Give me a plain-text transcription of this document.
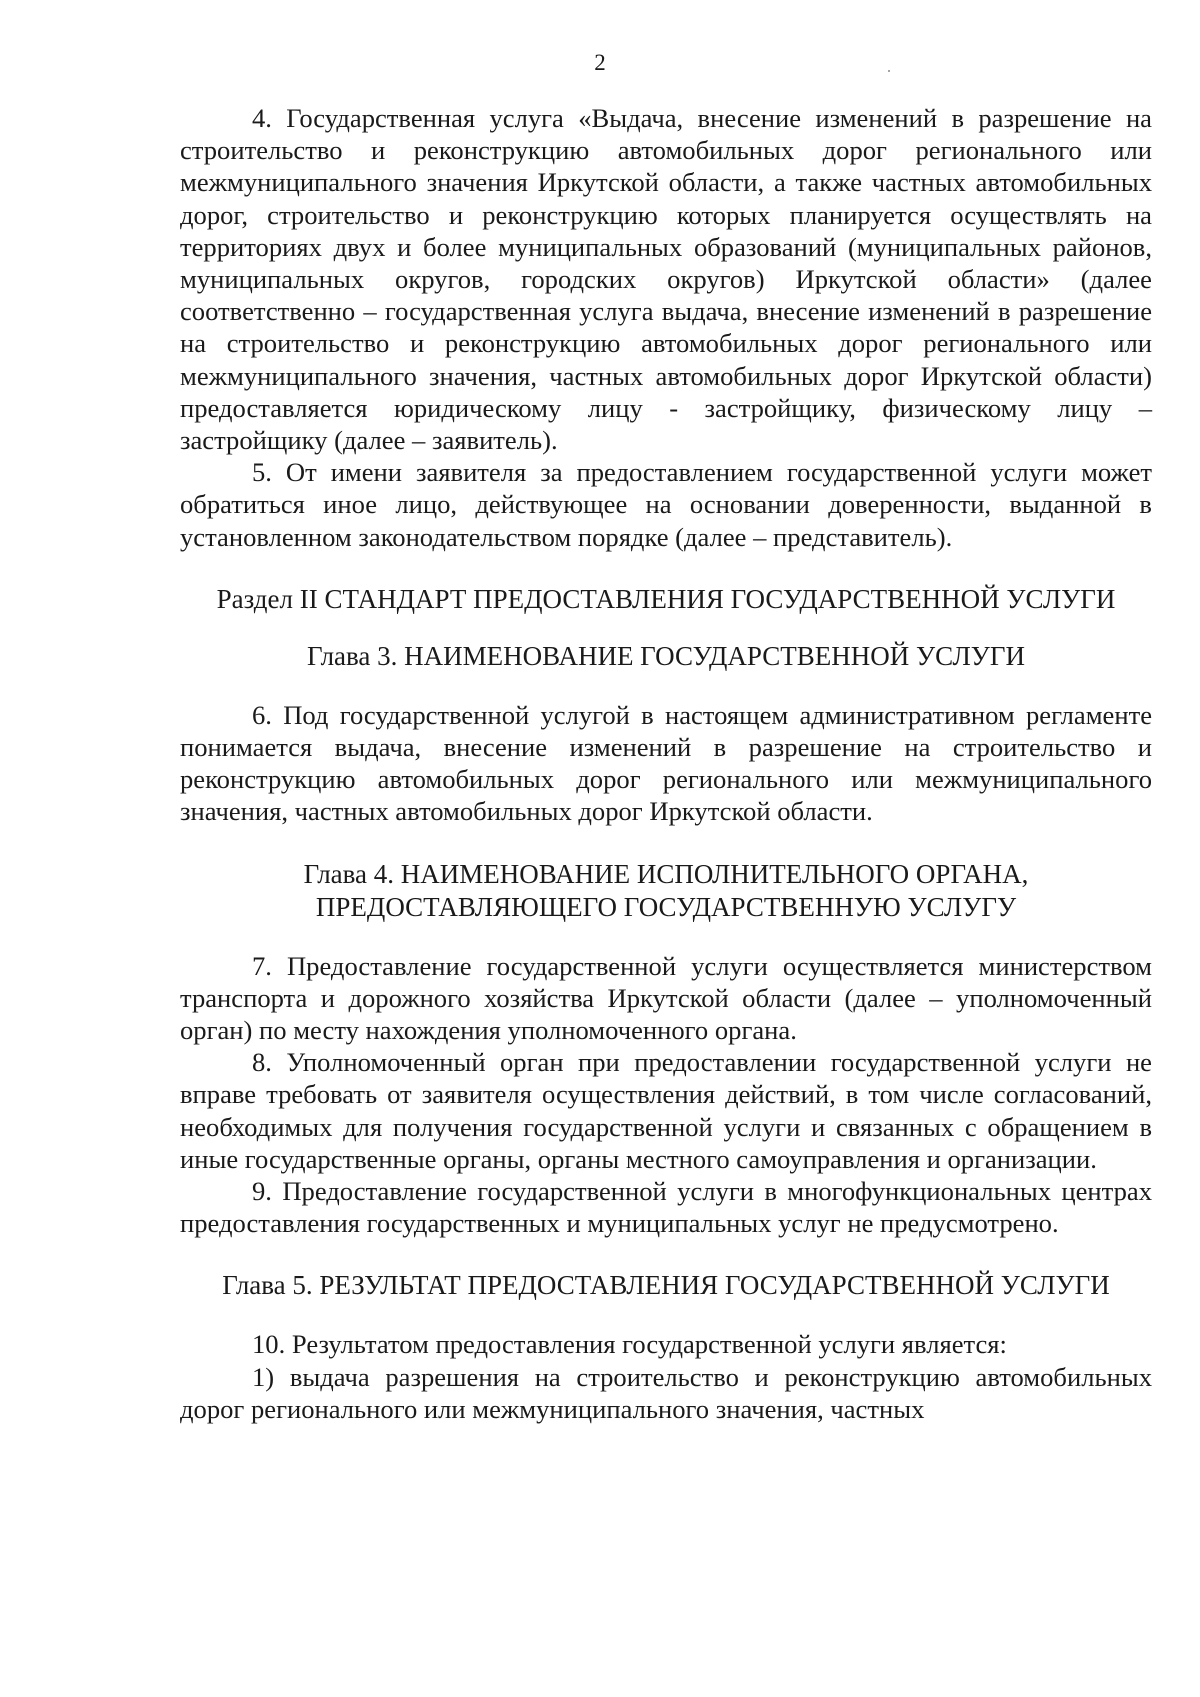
2

4. Государственная услуга «Выдача, внесение изменений в разрешение на строительство и реконструкцию автомобильных дорог регионального или межмуниципального значения Иркутской области, а также частных автомобильных дорог, строительство и реконструкцию которых планируется осуществлять на территориях двух и более муниципальных образований (муниципальных районов, муниципальных округов, городских округов) Иркутской области» (далее соответственно – государственная услуга выдача, внесение изменений в разрешение на строительство и реконструкцию автомобильных дорог регионального или межмуниципального значения, частных автомобильных дорог Иркутской области) предоставляется юридическому лицу - застройщику, физическому лицу – застройщику (далее – заявитель).

5. От имени заявителя за предоставлением государственной услуги может обратиться иное лицо, действующее на основании доверенности, выданной в установленном законодательством порядке (далее – представитель).

Раздел II СТАНДАРТ ПРЕДОСТАВЛЕНИЯ ГОСУДАРСТВЕННОЙ УСЛУГИ
Глава 3. НАИМЕНОВАНИЕ ГОСУДАРСТВЕННОЙ УСЛУГИ

6. Под государственной услугой в настоящем административном регламенте понимается выдача, внесение изменений в разрешение на строительство и реконструкцию автомобильных дорог регионального или межмуниципального значения, частных автомобильных дорог Иркутской области.

Глава 4. НАИМЕНОВАНИЕ ИСПОЛНИТЕЛЬНОГО ОРГАНА,
ПРЕДОСТАВЛЯЮЩЕГО ГОСУДАРСТВЕННУЮ УСЛУГУ

7. Предоставление государственной услуги осуществляется министерством транспорта и дорожного хозяйства Иркутской области (далее – уполномоченный орган) по месту нахождения уполномоченного органа.

8. Уполномоченный орган при предоставлении государственной услуги не вправе требовать от заявителя осуществления действий, в том числе согласований, необходимых для получения государственной услуги и связанных с обращением в иные государственные органы, органы местного самоуправления и организации.

9. Предоставление государственной услуги в многофункциональных центрах предоставления государственных и муниципальных услуг не предусмотрено.

Глава 5. РЕЗУЛЬТАТ ПРЕДОСТАВЛЕНИЯ ГОСУДАРСТВЕННОЙ УСЛУГИ

10. Результатом предоставления государственной услуги является:

1) выдача разрешения на строительство и реконструкцию автомобильных дорог регионального или межмуниципального значения, частных
